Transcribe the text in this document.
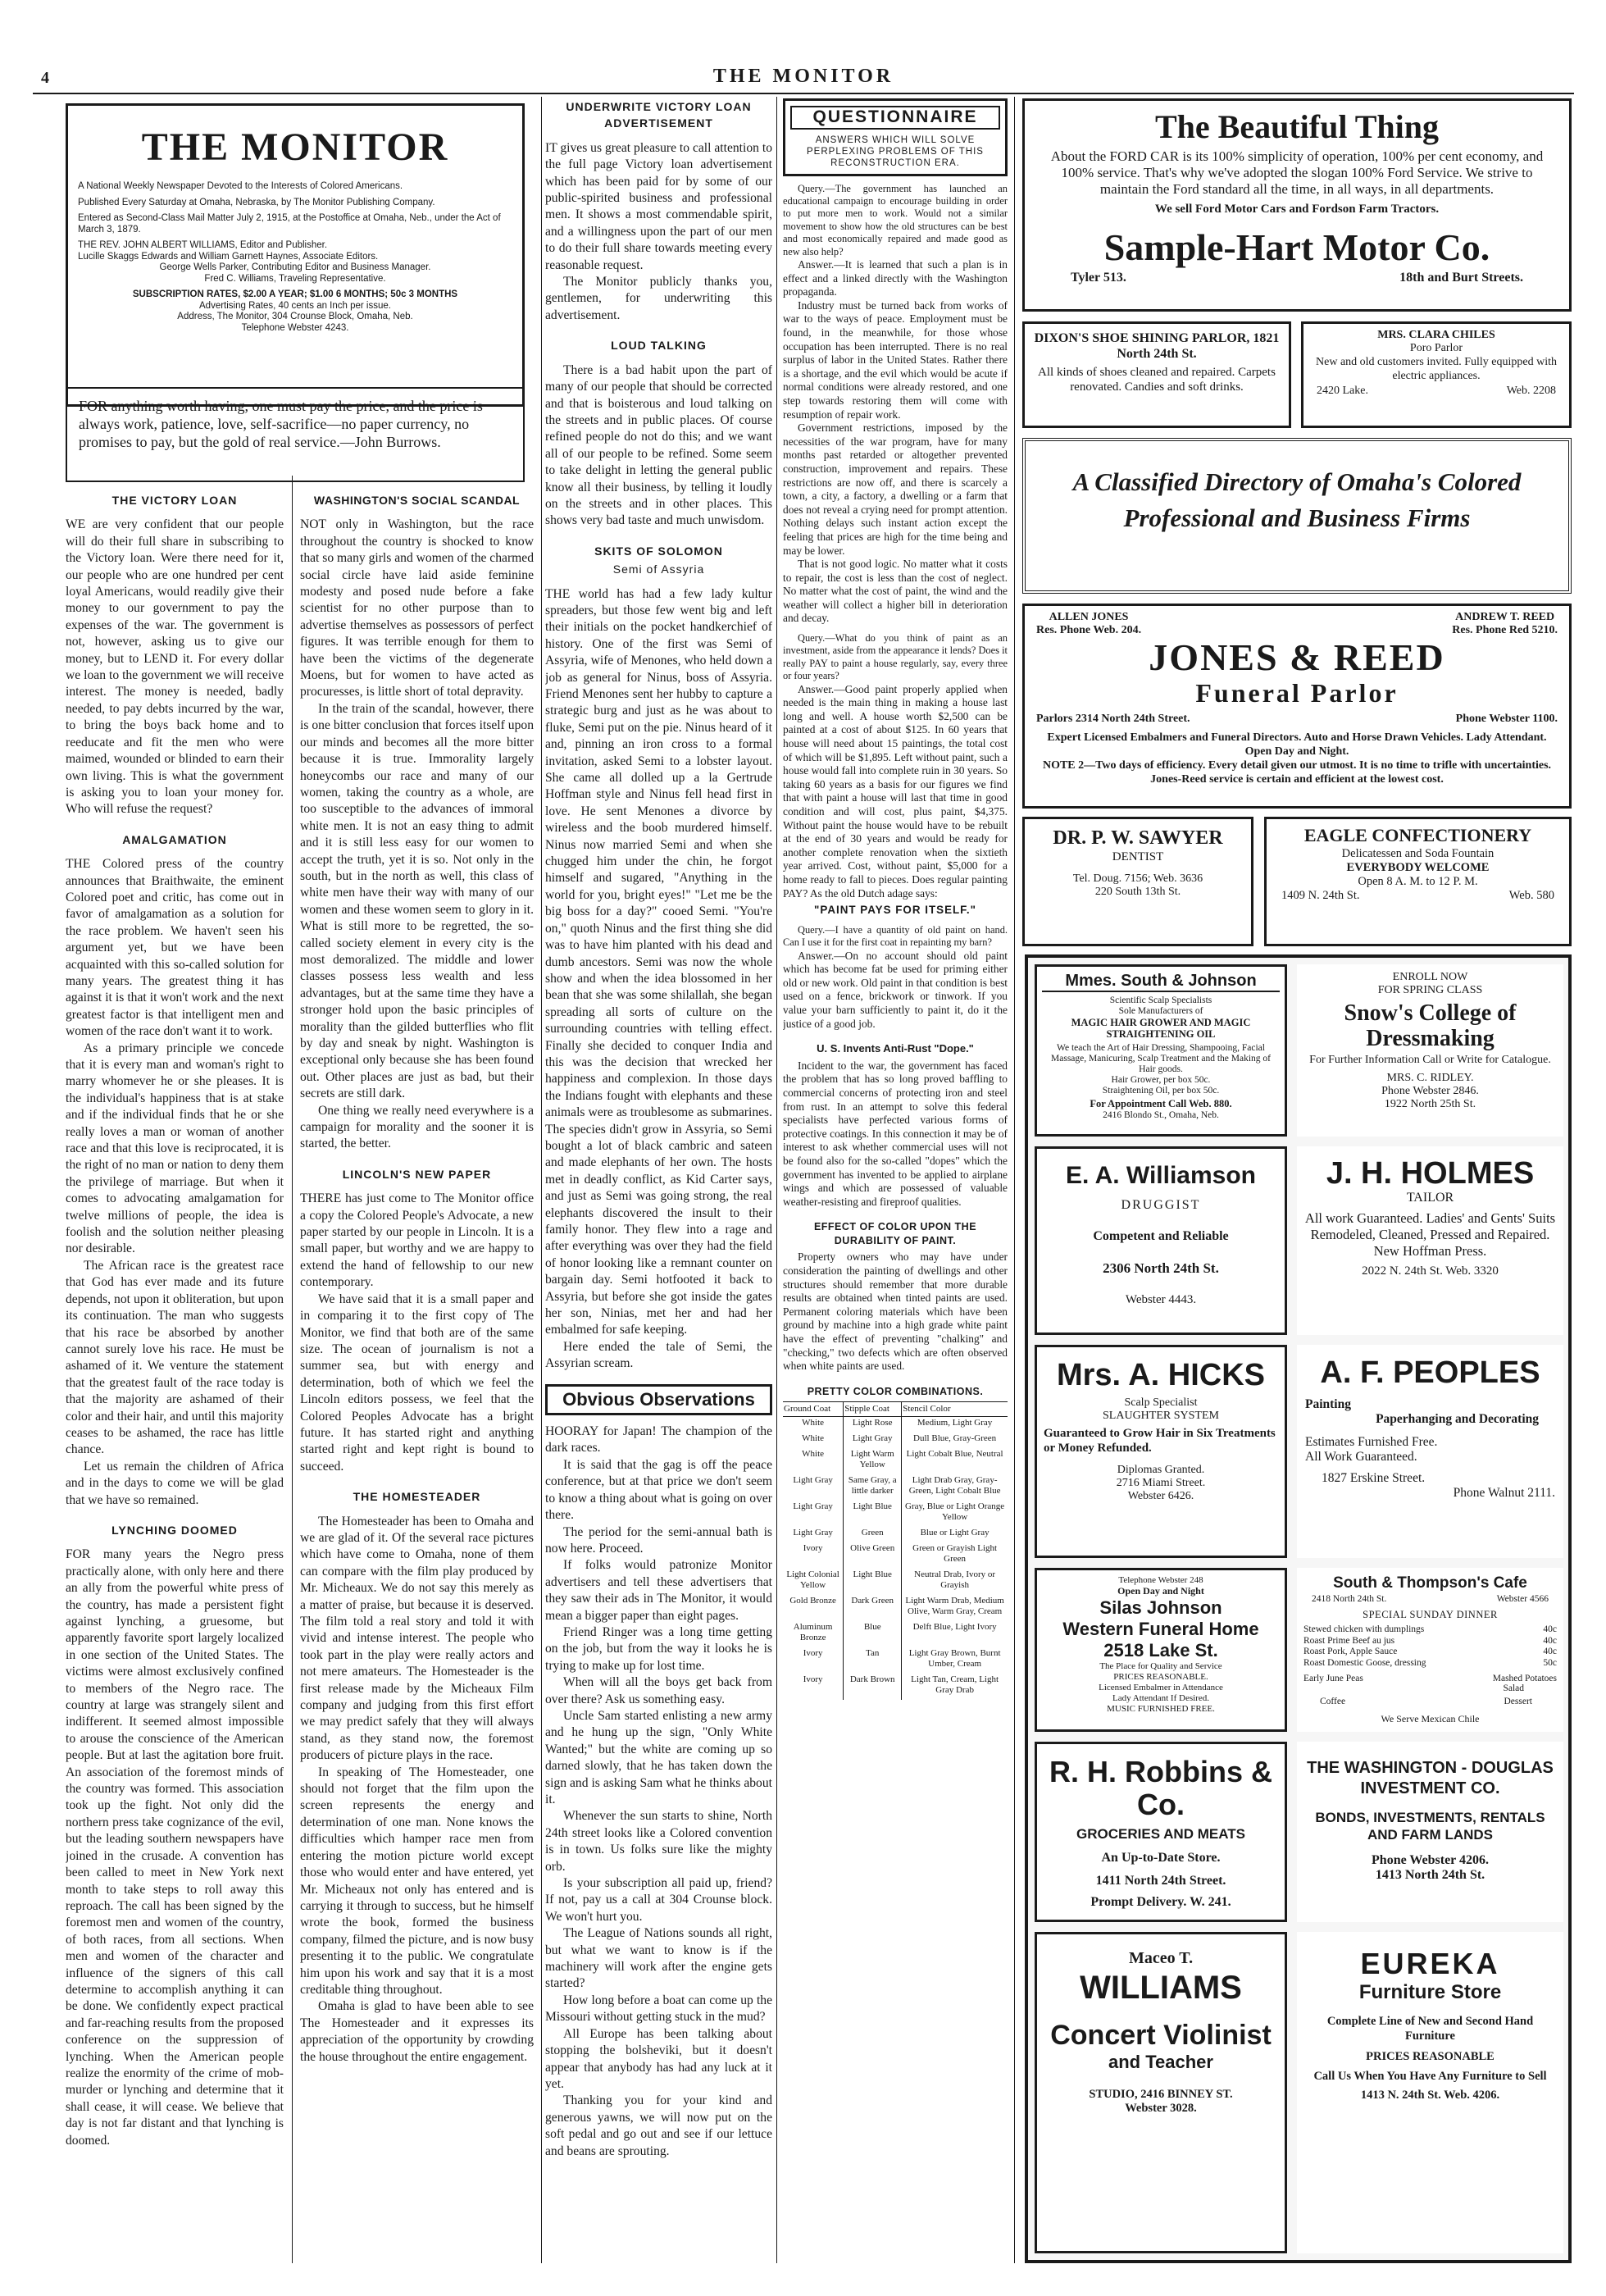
4	THE MONITOR
THE MONITOR
A National Weekly Newspaper Devoted to the Interests of Colored Americans.
Published Every Saturday at Omaha, Nebraska, by The Monitor Publishing Company.
Entered as Second-Class Mail Matter July 2, 1915, at the Postoffice at Omaha, Neb., under the Act of March 3, 1879.
THE REV. JOHN ALBERT WILLIAMS, Editor and Publisher.
Lucille Skaggs Edwards and William Garnett Haynes, Associate Editors.
George Wells Parker, Contributing Editor and Business Manager.
Fred C. Williams, Traveling Representative.
SUBSCRIPTION RATES, $2.00 A YEAR; $1.00 6 MONTHS; 50c 3 MONTHS
Advertising Rates, 40 cents an Inch per issue.
Address, The Monitor, 304 Crounse Block, Omaha, Neb.
Telephone Webster 4243.
FOR anything worth having, one must pay the price, and the price is always work, patience, love, self-sacrifice—no paper currency, no promises to pay, but the gold of real service.—John Burrows.
THE VICTORY LOAN

WE are very confident that our people will do their full share in subscribing to the Victory loan. Were there need for it, our people who are one hundred per cent loyal Americans, would readily give their money to our government to pay the expenses of the war. The government is not, however, asking us to give our money, but to LEND it. For every dollar we loan to the government we will receive interest. The money is needed, badly needed, to pay debts incurred by the war, to bring the boys back home and to reeducate and fit the men who were maimed, wounded or blinded to earn their own living. This is what the government is asking you to loan your money for. Who will refuse the request?

AMALGAMATION

THE Colored press of the country announces that Braithwaite, the eminent Colored poet and critic, has come out in favor of amalgamation as a solution for the race problem. We haven't seen his argument yet, but we have been acquainted with this so-called solution for many years. The greatest thing it has against it is that it won't work and the next greatest factor is that intelligent men and women of the race don't want it to work.

As a primary principle we concede that it is every man and woman's right to marry whomever he or she pleases. It is the individual's happiness that is at stake and if the individual finds that he or she really loves a man or woman of another race and that this love is reciprocated, it is the right of no man or nation to deny them the privilege of marriage. But when it comes to advocating amalgamation for twelve millions of people, the idea is foolish and the solution neither pleasing nor desirable.

The African race is the greatest race that God has ever made and its future depends, not upon it obliteration, but upon its continuation. The man who suggests that his race be absorbed by another cannot surely love his race. He must be ashamed of it. We venture the statement that the greatest fault of the race today is that the majority are ashamed of their color and their hair, and until this majority ceases to be ashamed, the race has little chance.

Let us remain the children of Africa and in the days to come we will be glad that we have so remained.

LYNCHING DOOMED

FOR many years the Negro press practically alone, with only here and there an ally from the powerful white press of the country, has made a persistent fight against lynching, a gruesome, but apparently favorite sport largely localized in one section of the United States. The victims were almost exclusively confined to members of the Negro race. The country at large was strangely silent and indifferent. It seemed almost impossible to arouse the conscience of the American people. But at last the agitation bore fruit. An association of the foremost minds of the country was formed. This association took up the fight. Not only did the northern press take cognizance of the evil, but the leading southern newspapers have joined in the crusade. A convention has been called to meet in New York next month to take steps to roll away this reproach. The call has been signed by the foremost men and women of the country, of both races, from all sections. When men and women of the character and influence of the signers of this call determine to accomplish anything it can be done. We confidently expect practical and far-reaching results from the proposed conference on the suppression of lynching. When the American people realize the enormity of the crime of mob-murder or lynching and determine that it shall cease, it will cease. We believe that day is not far distant and that lynching is doomed.

WASHINGTON'S SOCIAL SCANDAL

NOT only in Washington, but the race throughout the country is shocked to know that so many girls and women of the charmed social circle have laid aside feminine modesty and posed nude before a fake scientist for no other purpose than to advertise themselves as possessors of perfect figures. It was terrible enough for them to have been the victims of the degenerate Moens, but for women to have acted as procuresses, is little short of total depravity.

In the train of the scandal, however, there is one bitter conclusion that forces itself upon our minds and becomes all the more bitter because it is true. Immorality largely honeycombs our race and many of our women, taking the country as a whole, are too susceptible to the advances of immoral white men. It is not an easy thing to admit and it is still less easy for our women to accept the truth, yet it is so. Not only in the south, but in the north as well, this class of white men have their way with many of our women and these women seem to glory in it. What is still more to be regretted, the so-called society element in every city is the most demoralized. The middle and lower classes possess less wealth and less advantages, but at the same time they have a stronger hold upon the basic principles of morality than the gilded butterflies who flit by day and sneak by night. Washington is exceptional only because she has been found out. Other places are just as bad, but their secrets are still dark.

One thing we really need everywhere is a campaign for morality and the sooner it is started, the better.

LINCOLN'S NEW PAPER

THERE has just come to The Monitor office a copy the Colored People's Advocate, a new paper started by our people in Lincoln. It is a small paper, but worthy and we are happy to extend the hand of fellowship to our new contemporary.

We have said that it is a small paper and in comparing it to the first copy of The Monitor, we find that both are of the same size. The ocean of journalism is not a summer sea, but with energy and determination, both of which we feel the Lincoln editors possess, we feel that the Colored Peoples Advocate has a bright future. It has started right and anything started right and kept right is bound to succeed.

THE HOMESTEADER

The Homesteader has been to Omaha and we are glad of it. Of the several race pictures which have come to Omaha, none of them can compare with the film play produced by Mr. Micheaux. We do not say this merely as a matter of praise, but because it is deserved. The film told a real story and told it with vivid and intense interest. The people who took part in the play were really actors and not mere amateurs. The Homesteader is the first release made by the Micheaux Film company and judging from this first effort we may predict safely that they will always stand, as they stand now, the foremost producers of picture plays in the race.

In speaking of The Homesteader, one should not forget that the film upon the screen represents the energy and determination of one man. None knows the difficulties which hamper race men from entering the motion picture world except those who would enter and have entered, yet Mr. Micheaux not only has entered and is carrying it through to success, but he himself wrote the book, formed the business company, filmed the picture, and is now busy presenting it to the public. We congratulate him upon his work and say that it is a most creditable thing throughout.

Omaha is glad to have been able to see The Homesteader and it expresses its appreciation of the opportunity by crowding the house throughout the entire engagement.

UNDERWRITE VICTORY LOAN ADVERTISEMENT

IT gives us great pleasure to call attention to the full page Victory loan advertisement which has been paid for by some of our public-spirited business and professional men. It shows a most commendable spirit, and a willingness upon the part of our men to do their full share towards meeting every reasonable request.

The Monitor publicly thanks you, gentlemen, for underwriting this advertisement.

LOUD TALKING

There is a bad habit upon the part of many of our people that should be corrected and that is boisterous and loud talking on the streets and in public places. Of course refined people do not do this; and we want all of our people to be refined. Some seem to take delight in letting the general public know all their business, by telling it loudly on the streets and in other places. This shows very bad taste and much unwisdom.

SKITS OF SOLOMON
Semi of Assyria

THE world has had a few lady kultur spreaders, but those few went big and left their initials on the pocket handkerchief of history. One of the first was Semi of Assyria, wife of Menones, who held down a job as general for Ninus, boss of Assyria. Friend Menones sent her hubby to capture a strategic burg and just as he was about to fluke, Semi put on the pie. Ninus heard of it and, pinning an iron cross to a formal invitation, asked Semi to a lobster layout. She came all dolled up a la Gertrude Hoffman style and Ninus fell head first in love. He sent Menones a divorce by wireless and the boob murdered himself. Ninus now married Semi and when she chugged him under the chin, he forgot himself and sugared, "Anything in the world for you, bright eyes!" "Let me be the big boss for a day?" cooed Semi. "You're on," quoth Ninus and the first thing she did was to have him planted with his dead and dumb ancestors. Semi was now the whole show and when the idea blossomed in her bean that she was some shilallah, she began spreading all sorts of culture on the surrounding countries with telling effect. Finally she decided to conquer India and this was the decision that wrecked her happiness and complexion. In those days the Indians fought with elephants and these animals were as troublesome as submarines. The species didn't grow in Assyria, so Semi bought a lot of black cambric and sateen and made elephants of her own. The hosts met in deadly conflict, as Kid Carter says, and just as Semi was going strong, the real elephants discovered the insult to their family honor. They flew into a rage and after everything was over they had the field of honor looking like a remnant counter on bargain day. Semi hotfooted it back to Assyria, but before she got inside the gates her son, Ninias, met her and had her embalmed for safe keeping.

Here ended the tale of Semi, the Assyrian scream.

Obvious Observations

HOORAY for Japan! The champion of the dark races.

It is said that the gag is off the peace conference, but at that price we don't seem to know a thing about what is going on over there.

The period for the semi-annual bath is now here. Proceed.

If folks would patronize Monitor advertisers and tell these advertisers that they saw their ads in The Monitor, it would mean a bigger paper than eight pages.

Friend Ringer was a long time getting on the job, but from the way it looks he is trying to make up for lost time.

When will all the boys get back from over there? Ask us something easy.

Uncle Sam started enlisting a new army and he hung up the sign, "Only White Wanted;" but the white are coming up so darned slowly, that he has taken down the sign and is asking Sam what he thinks about it.

Whenever the sun starts to shine, North 24th street looks like a Colored convention is in town. Us folks sure like the mighty orb.

Is your subscription all paid up, friend? If not, pay us a call at 304 Crounse block. We won't hurt you.

The League of Nations sounds all right, but what we want to know is if the machinery will work after the engine gets started?

How long before a boat can come up the Missouri without getting stuck in the mud?

All Europe has been talking about stopping the bolsheviki, but it doesn't appear that anybody has had any luck at it yet.

Thanking you for your kind and generous yawns, we will now put on the soft pedal and go out and see if our lettuce and beans are sprouting.

QUESTIONNAIRE
ANSWERS WHICH WILL SOLVE PERPLEXING PROBLEMS OF THIS RECONSTRUCTION ERA.

Query.—The government has launched an educational campaign to encourage building in order to put more men to work. Would not a similar movement to show how the old structures can be best and most economically repaired and made good as new also help?

Answer.—It is learned that such a plan is in effect and a linked directly with the Washington propaganda.

Industry must be turned back from works of war to the ways of peace. Employment must be found, in the meanwhile, for those whose occupation has been interrupted. There is no real surplus of labor in the United States. Rather there is a shortage, and the evil which would be acute if normal conditions were already restored, and one step towards restoring them will come with resumption of repair work.

Government restrictions, imposed by the necessities of the war program, have for many months past retarded or altogether prevented construction, improvement and repairs. These restrictions are now off, and there is scarcely a town, a city, a factory, a dwelling or a farm that does not reveal a crying need for prompt attention. Nothing delays such instant action except the feeling that prices are high for the time being and may be lower.

That is not good logic. No matter what it costs to repair, the cost is less than the cost of neglect. No matter what the cost of paint, the wind and the weather will collect a higher bill in deterioration and decay.

Query.—What do you think of paint as an investment, aside from the appearance it lends? Does it really PAY to paint a house regularly, say, every three or four years?

Answer.—Good paint properly applied when needed is the main thing in making a house last long and well. A house worth $2,500 can be painted at a cost of about $125. In 60 years that house will need about 15 paintings, the total cost of which will be $1,895. Left without paint, such a house would fall into complete ruin in 30 years. So taking 60 years as a basis for our figures we find that with paint a house will last that time in good condition and will cost, plus paint, $4,375. Without paint the house would have to be rebuilt at the end of 30 years and would be ready for another complete renovation when the sixtieth year arrived. Cost, without paint, $5,000 for a home ready to fall to pieces. Does regular painting PAY? As the old Dutch adage says:

"PAINT PAYS FOR ITSELF."

Query.—I have a quantity of old paint on hand. Can I use it for the first coat in repainting my barn?

Answer.—On no account should old paint which has become fat be used for priming either old or new work. Old paint in that condition is best used on a fence, brickwork or tinwork. If you value your barn sufficiently to paint it, do it the justice of a good job.

U. S. Invents Anti-Rust "Dope."

Incident to the war, the government has faced the problem that has so long proved baffling to commercial concerns of protecting iron and steel from rust. In an attempt to solve this federal specialists have perfected various forms of protective coatings. In this connection it may be of interest to ask whether commercial uses will not be found also for the so-called "dopes" which the government has invented to be applied to airplane wings and which are possessed of valuable weather-resisting and fireproof qualities.

EFFECT OF COLOR UPON THE DURABILITY OF PAINT.

Property owners who may have under consideration the painting of dwellings and other structures should remember that more durable results are obtained when tinted paints are used. Permanent coloring materials which have been ground by machine into a high grade white paint have the effect of preventing "chalking" and "checking," two defects which are often observed when white paints are used.

PRETTY COLOR COMBINATIONS.
Ground Coat	Stipple Coat	Stencil Color
White	Light Rose	Medium, Light Gray
White	Light Gray	Dull Blue, Gray-Green
White	Light Warm Yellow	Light Cobalt Blue, Neutral
Light Gray	Same Gray, a little darker	Light Drab Gray, Gray-Green, Light Cobalt Blue
Light Gray	Light Blue	Gray, Blue or Light Orange Yellow
Light Gray	Green	Blue or Light Gray
Ivory	Olive Green	Green or Grayish Light Green
Light Colonial Yellow	Light Blue	Neutral Drab, Ivory or Grayish
Gold Bronze	Dark Green	Light Warm Drab, Medium Olive, Warm Gray, Cream
Aluminum Bronze	Blue	Delft Blue, Light Ivory
Ivory	Tan	Light Gray Brown, Burnt Umber, Cream
Ivory	Dark Brown	Light Tan, Cream, Light Gray Drab
The Beautiful Thing
About the FORD CAR is its 100% simplicity of operation, 100% per cent economy, and 100% service. That's why we've adopted the slogan 100% Ford Service. We strive to maintain the Ford standard all the time, in all ways, in all departments.
We sell Ford Motor Cars and Fordson Farm Tractors.
Sample-Hart Motor Co.
Tyler 513.	18th and Burt Streets.
DIXON'S SHOE SHINING PARLOR, 1821 North 24th St.
All kinds of shoes cleaned and repaired. Carpets renovated. Candies and soft drinks.
MRS. CLARA CHILES
Poro Parlor
New and old customers invited. Fully equipped with electric appliances.
2420 Lake.	Web. 2208
A Classified Directory of Omaha's Colored Professional and Business Firms
ALLEN JONES
Res. Phone Web. 204.
ANDREW T. REED
Res. Phone Red 5210.
JONES & REED
Funeral Parlor
Parlors 2314 North 24th Street.	Phone Webster 1100.
Expert Licensed Embalmers and Funeral Directors. Auto and Horse Drawn Vehicles. Lady Attendant. Open Day and Night.
NOTE 2—Two days of efficiency. Every detail given our utmost. It is no time to trifle with uncertainties. Jones-Reed service is certain and efficient at the lowest cost.
DR. P. W. SAWYER
DENTIST
Tel. Doug. 7156; Web. 3636
220 South 13th St.
EAGLE CONFECTIONERY
Delicatessen and Soda Fountain
EVERYBODY WELCOME
Open 8 A. M. to 12 P. M.
1409 N. 24th St.	Web. 580
Mmes. South & Johnson
Scientific Scalp Specialists
Sole Manufacturers of
MAGIC HAIR GROWER AND MAGIC STRAIGHTENING OIL
We teach the Art of Hair Dressing, Shampooing, Facial Massage, Manicuring, Scalp Treatment and the Making of Hair goods.
Hair Grower, per box 50c.
Straightening Oil, per box 50c.
For Appointment Call Web. 880.
2416 Blondo St., Omaha, Neb.
ENROLL NOW
FOR SPRING CLASS
Snow's College of Dressmaking
For Further Information Call or Write for Catalogue.
MRS. C. RIDLEY.
Phone Webster 2846.
1922 North 25th St.
E. A. Williamson
DRUGGIST
Competent and Reliable
2306 North 24th St.
Webster 4443.
J. H. HOLMES
TAILOR
All work Guaranteed. Ladies' and Gents' Suits Remodeled, Cleaned, Pressed and Repaired. New Hoffman Press.
2022 N. 24th St. Web. 3320
Mrs. A. HICKS
Scalp Specialist
SLAUGHTER SYSTEM
Guaranteed to Grow Hair in Six Treatments or Money Refunded.
Diplomas Granted.
2716 Miami Street.
Webster 6426.
A. F. PEOPLES
Painting
Paperhanging and Decorating
Estimates Furnished Free.
All Work Guaranteed.
1827 Erskine Street.
Phone Walnut 2111.
Telephone Webster 248
Open Day and Night
Silas Johnson
Western Funeral Home
2518 Lake St.
The Place for Quality and Service
PRICES REASONABLE.
Licensed Embalmer in Attendance
Lady Attendant If Desired.
MUSIC FURNISHED FREE.
South & Thompson's Cafe
2418 North 24th St.	Webster 4566
SPECIAL SUNDAY DINNER
Stewed chicken with dumplings	40c
Roast Prime Beef au jus	40c
Roast Pork, Apple Sauce	40c
Roast Domestic Goose, dressing	50c
Early June Peas	Mashed Potatoes
Salad
Coffee	Dessert
We Serve Mexican Chile
R. H. Robbins & Co.
GROCERIES AND MEATS
An Up-to-Date Store.
1411 North 24th Street.
Prompt Delivery. W. 241.
THE WASHINGTON - DOUGLAS INVESTMENT CO.
BONDS, INVESTMENTS, RENTALS AND FARM LANDS
Phone Webster 4206.
1413 North 24th St.
Maceo T.
WILLIAMS
Concert Violinist
and Teacher
STUDIO, 2416 BINNEY ST.
Webster 3028.
EUREKA
Furniture Store
Complete Line of New and Second Hand Furniture
PRICES REASONABLE
Call Us When You Have Any Furniture to Sell
1413 N. 24th St. Web. 4206.
